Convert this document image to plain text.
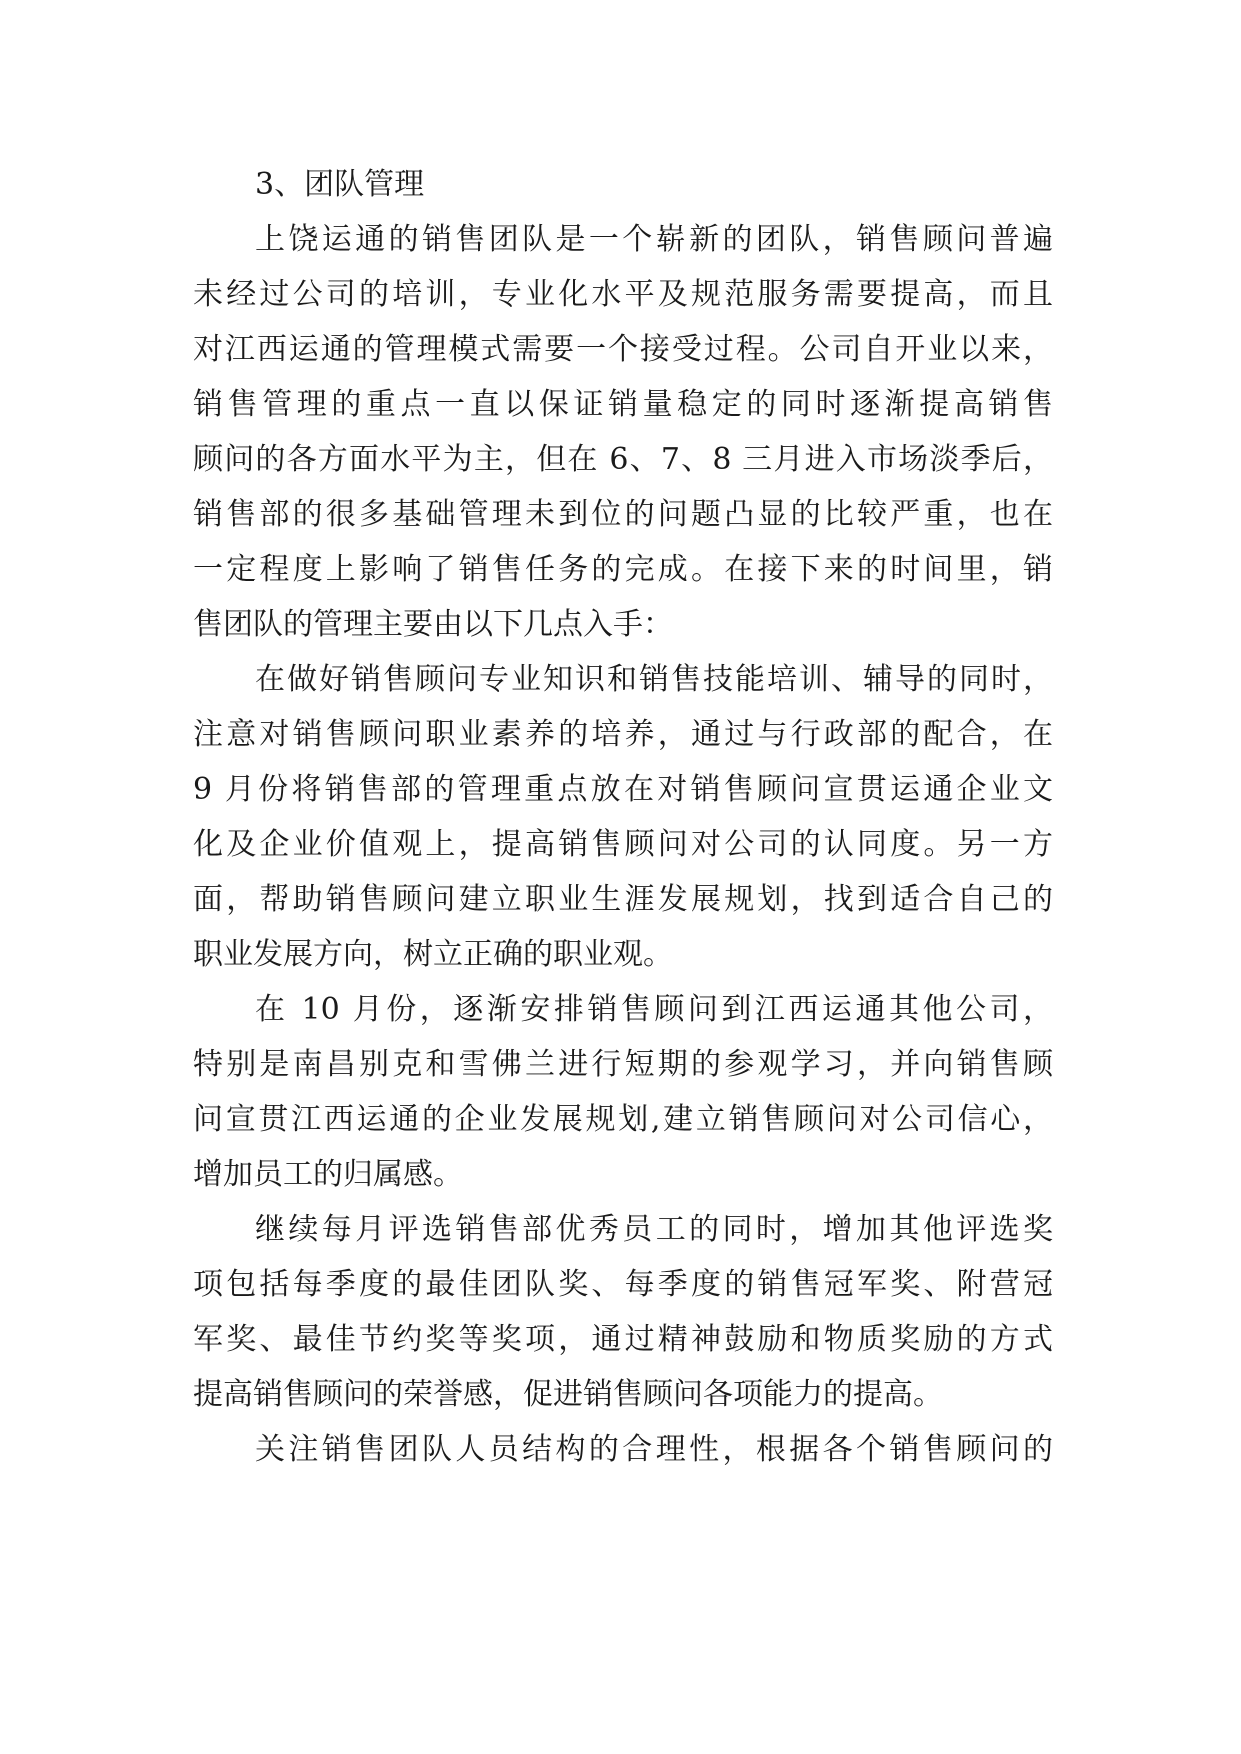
3、团队管理
上饶运通的销售团队是一个崭新的团队，销售顾问普遍
未经过公司的培训，专业化水平及规范服务需要提高，而且
对江西运通的管理模式需要一个接受过程。公司自开业以来，
销售管理的重点一直以保证销量稳定的同时逐渐提高销售
顾问的各方面水平为主，但在 6、7、8 三月进入市场淡季后，
销售部的很多基础管理未到位的问题凸显的比较严重，也在
一定程度上影响了销售任务的完成。在接下来的时间里，销
售团队的管理主要由以下几点入手：
在做好销售顾问专业知识和销售技能培训、辅导的同时，
注意对销售顾问职业素养的培养，通过与行政部的配合，在
9 月份将销售部的管理重点放在对销售顾问宣贯运通企业文
化及企业价值观上，提高销售顾问对公司的认同度。另一方
面，帮助销售顾问建立职业生涯发展规划，找到适合自己的
职业发展方向，树立正确的职业观。
在 10 月份，逐渐安排销售顾问到江西运通其他公司，
特别是南昌别克和雪佛兰进行短期的参观学习，并向销售顾
问宣贯江西运通的企业发展规划,建立销售顾问对公司信心，
增加员工的归属感。
继续每月评选销售部优秀员工的同时，增加其他评选奖
项包括每季度的最佳团队奖、每季度的销售冠军奖、附营冠
军奖、最佳节约奖等奖项，通过精神鼓励和物质奖励的方式
提高销售顾问的荣誉感，促进销售顾问各项能力的提高。
关注销售团队人员结构的合理性，根据各个销售顾问的
